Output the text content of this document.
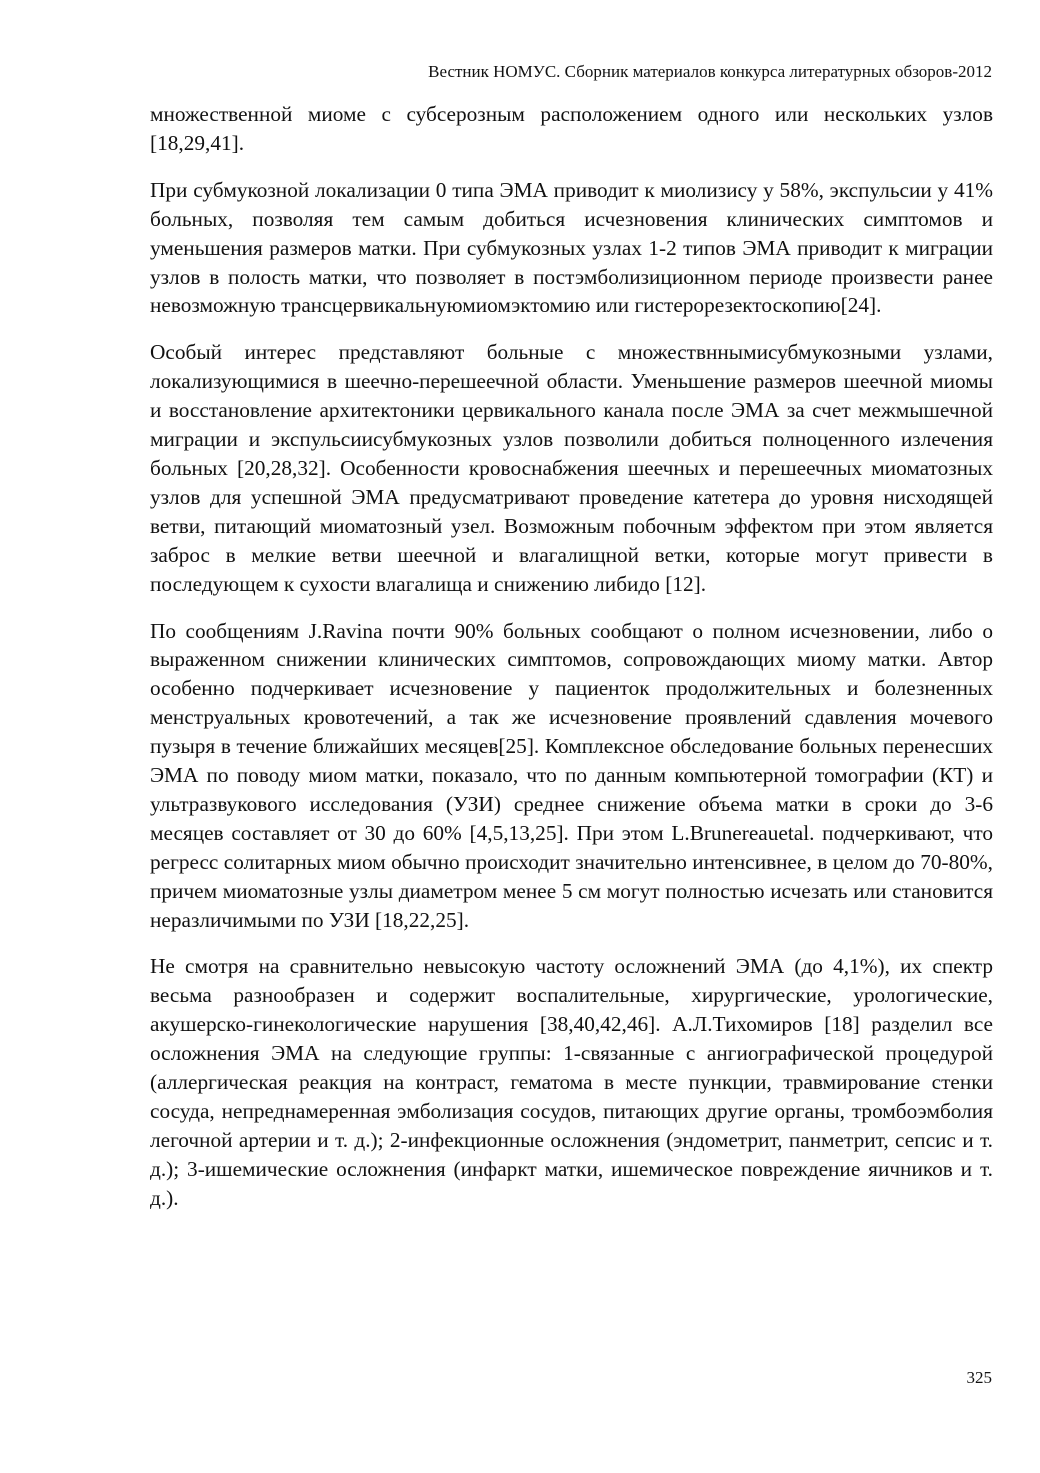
Вестник НОМУС. Сборник материалов конкурса литературных обзоров-2012

множественной миоме с субсерозным расположением одного или нескольких узлов [18,29,41].

При субмукозной локализации 0 типа ЭМА приводит к миолизису у 58%, экспульсии у 41% больных, позволяя тем самым добиться исчезновения клинических симптомов и уменьшения размеров матки. При субмукозных узлах 1-2 типов ЭМА приводит к миграции узлов в полость матки, что позволяет в постэмболизиционном периоде произвести ранее невозможную трансцервикальнуюмиомэктомию или гистерорезектоскопию[24].

Особый интерес представляют больные с множествннымисубмукозными узлами, локализующимися в шеечно-перешеечной области. Уменьшение размеров шеечной миомы и восстановление архитектоники цервикального канала после ЭМА за счет межмышечной миграции и экспульсиисубмукозных узлов позволили добиться полноценного излечения больных [20,28,32]. Особенности кровоснабжения шеечных и перешеечных миоматозных узлов для успешной ЭМА предусматривают проведение катетера до уровня нисходящей ветви, питающий миоматозный узел. Возможным побочным эффектом при этом является заброс в мелкие ветви шеечной и влагалищной ветки, которые могут привести в последующем к сухости влагалища и снижению либидо [12].

По сообщениям J.Ravina почти 90% больных сообщают о полном исчезновении, либо о выраженном снижении клинических симптомов, сопровождающих миому матки. Автор особенно подчеркивает исчезновение у пациенток продолжительных и болезненных менструальных кровотечений, а так же исчезновение проявлений сдавления мочевого пузыря в течение ближайших месяцев[25]. Комплексное обследование больных перенесших ЭМА по поводу миом матки, показало, что по данным компьютерной томографии (КТ) и ультразвукового исследования (УЗИ) среднее снижение объема матки в сроки до 3-6 месяцев составляет от 30 до 60% [4,5,13,25]. При этом L.Brunereauetal. подчеркивают, что регресс солитарных миом обычно происходит значительно интенсивнее, в целом до 70-80%, причем миоматозные узлы диаметром менее 5 см могут полностью исчезать или становится неразличимыми по УЗИ [18,22,25].

Не смотря на сравнительно невысокую частоту осложнений ЭМА (до 4,1%), их спектр весьма разнообразен и содержит воспалительные, хирургические, урологические, акушерско-гинекологические нарушения [38,40,42,46]. А.Л.Тихомиров [18] разделил все осложнения ЭМА на следующие группы: 1-связанные с ангиографической процедурой (аллергическая реакция на контраст, гематома в месте пункции, травмирование стенки сосуда, непреднамеренная эмболизация сосудов, питающих другие органы, тромбоэмболия легочной артерии и т. д.); 2-инфекционные осложнения (эндометрит, панметрит, сепсис и т. д.); 3-ишемические осложнения (инфаркт матки, ишемическое повреждение яичников и т. д.).

325
